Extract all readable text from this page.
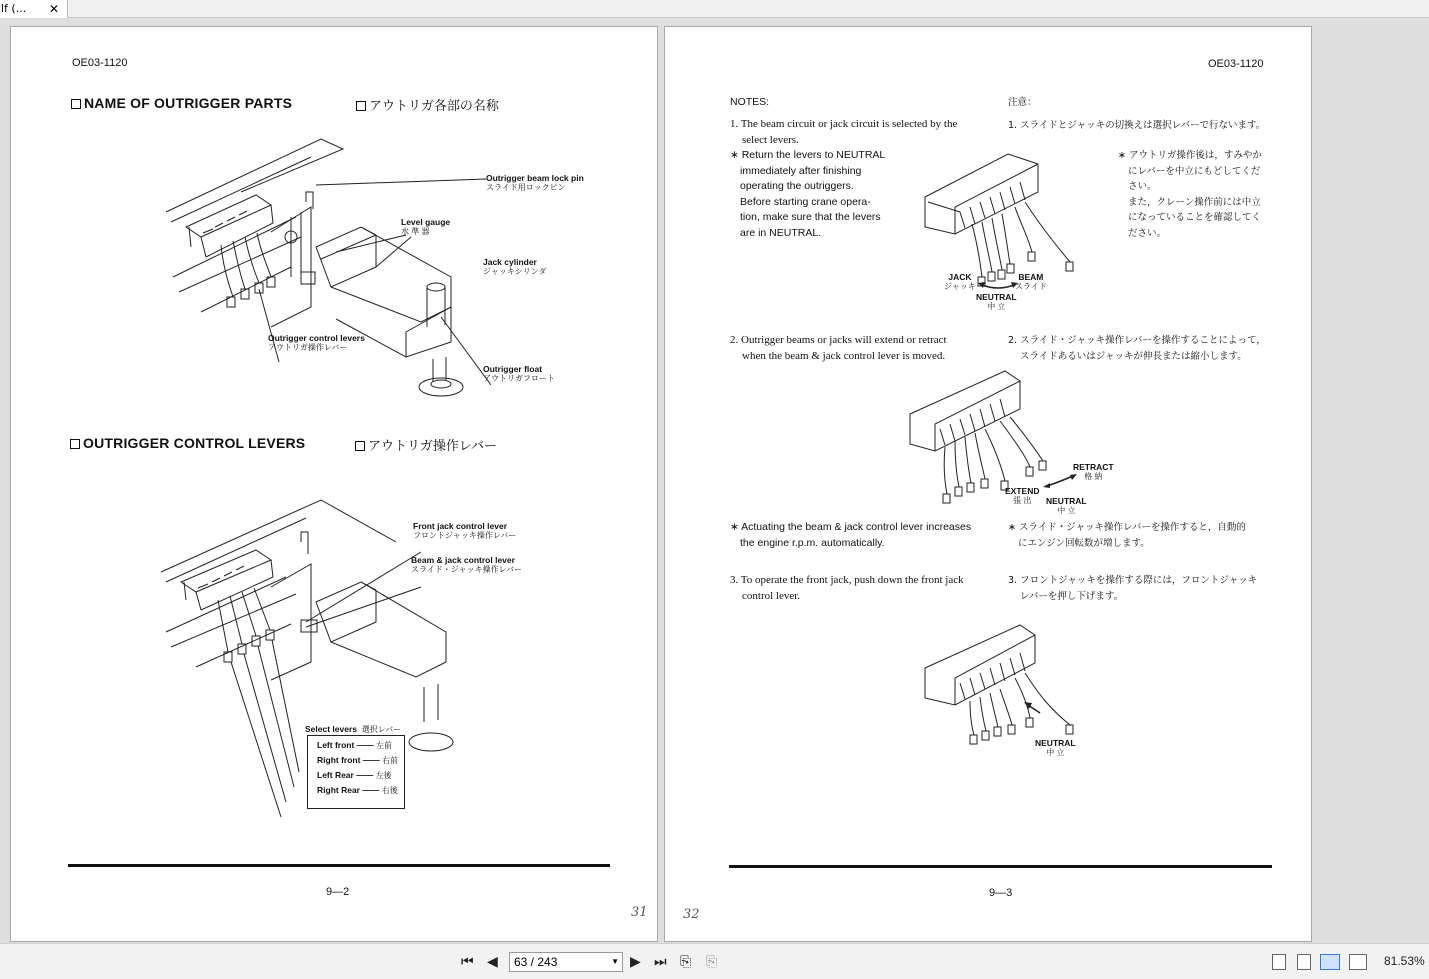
lf (... ✕
OE03-1120
NAME OF OUTRIGGER PARTS	アウトリガ各部の名称
Outrigger beam lock pin
スライド用ロックピン
Level gauge
水 準 器
Jack cylinder
ジャッキシリンダ
Outrigger control levers
アウトリガ操作レバー
Outrigger float
アウトリガフロート
OUTRIGGER CONTROL LEVERS	アウトリガ操作レバー
Front jack control lever
フロントジャッキ操作レバー
Beam & jack control lever
スライド・ジャッキ操作レバー
Select levers 選択レバー
Left front —— 左前
Right front —— 右前
Left Rear —— 左後
Right Rear —— 右後
9—2
31
OE03-1120
NOTES:	注意：
1. The beam circuit or jack circuit is selected by the
select levers.
1. スライドとジャッキの切換えは選択レバーで行ないます。
∗ Return the levers to NEUTRAL
immediately after finishing
operating the outriggers.
Before starting crane opera-
tion, make sure that the levers
are in NEUTRAL.
∗ アウトリガ操作後は，すみやか
にレバーを中立にもどしてくだ
さい。
また，クレーン操作前には中立
になっていることを確認してく
ださい。
JACK
ジャッキ
BEAM
スライド
NEUTRAL
中 立
2. Outrigger beams or jacks will extend or retract
when the beam & jack control lever is moved.
2. スライド・ジャッキ操作レバーを操作することによって，
スライドあるいはジャッキが伸長または縮小します。
RETRACT
格 納
EXTEND
張 出	NEUTRAL
中 立
∗ Actuating the beam & jack control lever increases
the engine r.p.m. automatically.
∗ スライド・ジャッキ操作レバーを操作すると，自動的
にエンジン回転数が増します。
3. To operate the front jack, push down the front jack
control lever.
3. フロントジャッキを操作する際には，フロントジャッキ
レバーを押し下げます。
NEUTRAL
中 立
9—3
32
⏮ ◀	63 / 243	▼ ▶ ⏭ ⎘ ⎘	81.53%
